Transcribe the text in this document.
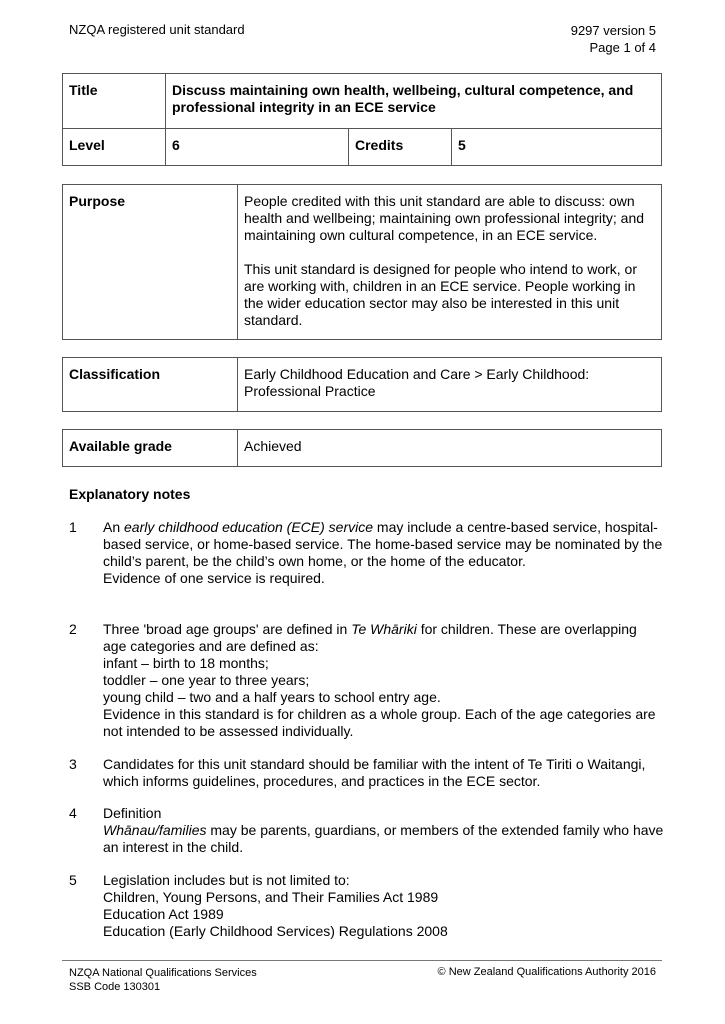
NZQA registered unit standard	9297 version 5
Page 1 of 4
Title	Discuss maintaining own health, wellbeing, cultural competence, and professional integrity in an ECE service		
Level	6	Credits	5
Purpose	People credited with this unit standard are able to discuss: own health and wellbeing; maintaining own professional integrity; and maintaining own cultural competence, in an ECE service.

This unit standard is designed for people who intend to work, or are working with, children in an ECE service. People working in the wider education sector may also be interested in this unit standard.

Classification	Early Childhood Education and Care > Early Childhood: Professional Practice
Available grade	Achieved
Explanatory notes
1 An early childhood education (ECE) service may include a centre-based service, hospital-based service, or home-based service. The home-based service may be nominated by the child’s parent, be the child’s own home, or the home of the educator.
Evidence of one service is required.
2 Three 'broad age groups' are defined in Te Whāriki for children. These are overlapping age categories and are defined as:
infant – birth to 18 months;
toddler – one year to three years;
young child – two and a half years to school entry age.
Evidence in this standard is for children as a whole group. Each of the age categories are not intended to be assessed individually.
3 Candidates for this unit standard should be familiar with the intent of Te Tiriti o Waitangi, which informs guidelines, procedures, and practices in the ECE sector.
4 Definition
Whānau/families may be parents, guardians, or members of the extended family who have an interest in the child.
5 Legislation includes but is not limited to:
Children, Young Persons, and Their Families Act 1989
Education Act 1989
Education (Early Childhood Services) Regulations 2008
NZQA National Qualifications Services
SSB Code 130301
© New Zealand Qualifications Authority 2016
